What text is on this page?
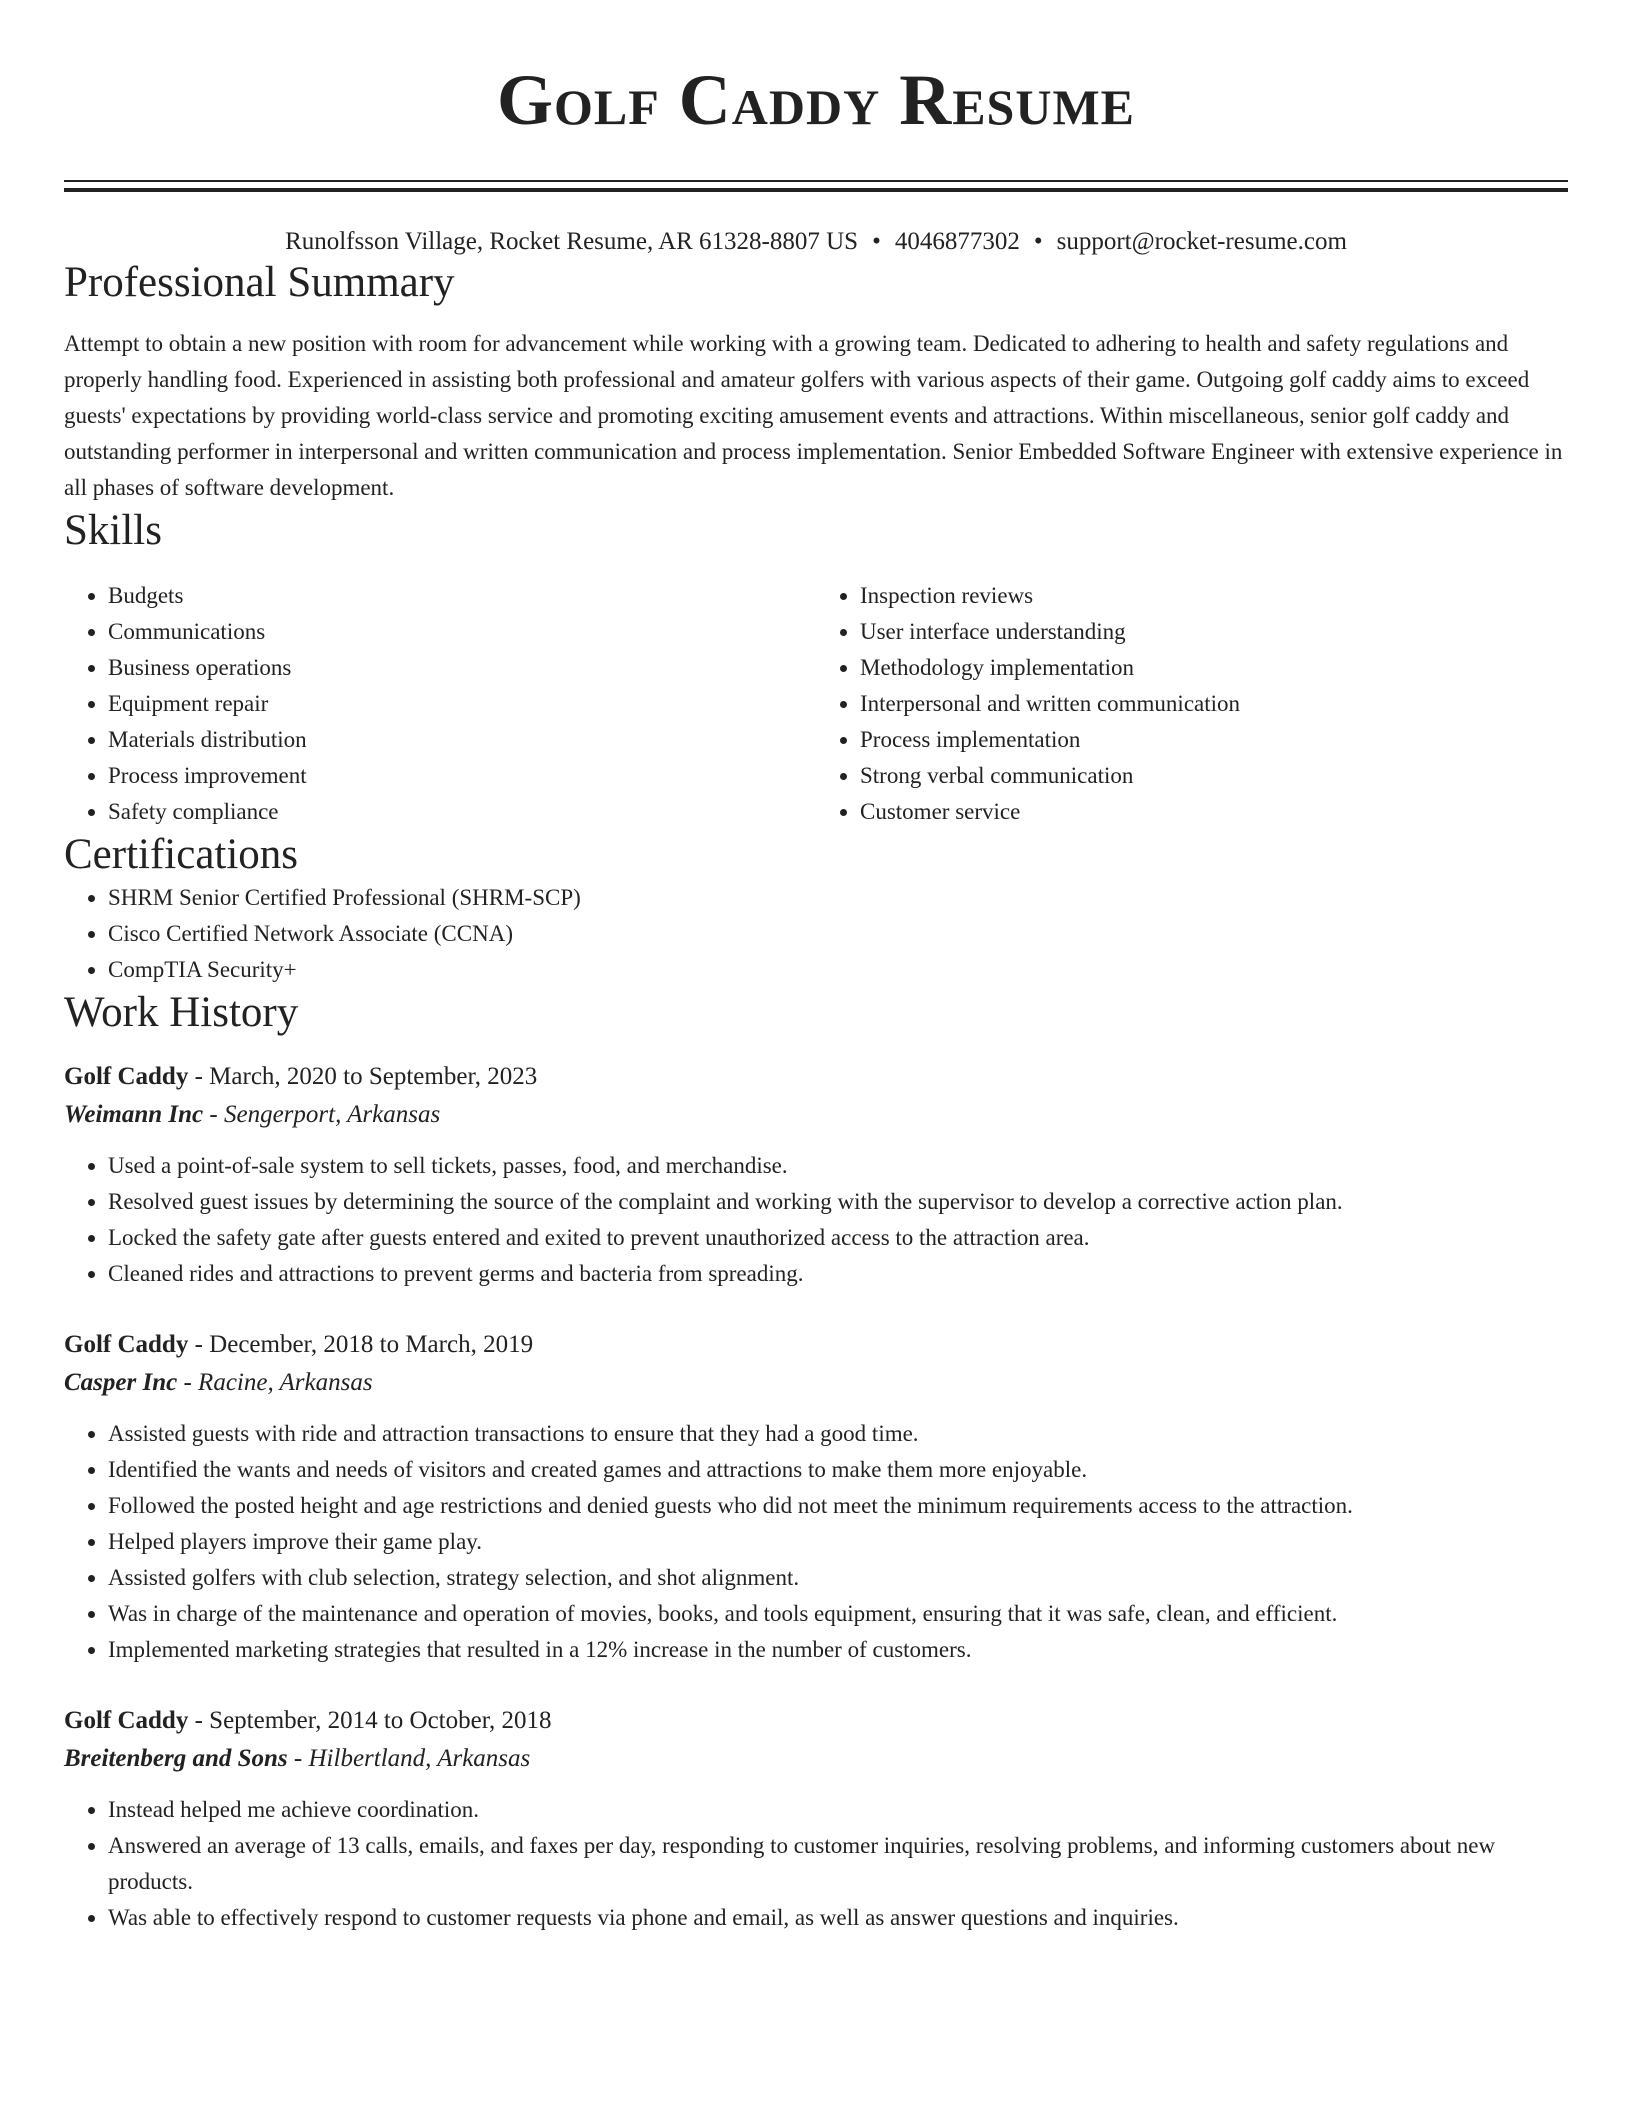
Golf Caddy Resume
Runolfsson Village, Rocket Resume, AR 61328-8807 US • 4046877302 • support@rocket-resume.com
Professional Summary

Attempt to obtain a new position with room for advancement while working with a growing team. Dedicated to adhering to health and safety regulations and properly handling food. Experienced in assisting both professional and amateur golfers with various aspects of their game. Outgoing golf caddy aims to exceed guests' expectations by providing world-class service and promoting exciting amusement events and attractions. Within miscellaneous, senior golf caddy and outstanding performer in interpersonal and written communication and process implementation. Senior Embedded Software Engineer with extensive experience in all phases of software development.

Skills
• Budgets
• Communications
• Business operations
• Equipment repair
• Materials distribution
• Process improvement
• Safety compliance
• Inspection reviews
• User interface understanding
• Methodology implementation
• Interpersonal and written communication
• Process implementation
• Strong verbal communication
• Customer service
Certifications
• SHRM Senior Certified Professional (SHRM-SCP)
• Cisco Certified Network Associate (CCNA)
• CompTIA Security+
Work History
Golf Caddy - March, 2020 to September, 2023
Weimann Inc - Sengerport, Arkansas
• Used a point-of-sale system to sell tickets, passes, food, and merchandise.
• Resolved guest issues by determining the source of the complaint and working with the supervisor to develop a corrective action plan.
• Locked the safety gate after guests entered and exited to prevent unauthorized access to the attraction area.
• Cleaned rides and attractions to prevent germs and bacteria from spreading.
Golf Caddy - December, 2018 to March, 2019
Casper Inc - Racine, Arkansas
• Assisted guests with ride and attraction transactions to ensure that they had a good time.
• Identified the wants and needs of visitors and created games and attractions to make them more enjoyable.
• Followed the posted height and age restrictions and denied guests who did not meet the minimum requirements access to the attraction.
• Helped players improve their game play.
• Assisted golfers with club selection, strategy selection, and shot alignment.
• Was in charge of the maintenance and operation of movies, books, and tools equipment, ensuring that it was safe, clean, and efficient.
• Implemented marketing strategies that resulted in a 12% increase in the number of customers.
Golf Caddy - September, 2014 to October, 2018
Breitenberg and Sons - Hilbertland, Arkansas
• Instead helped me achieve coordination.
• Answered an average of 13 calls, emails, and faxes per day, responding to customer inquiries, resolving problems, and informing customers about new products.
• Was able to effectively respond to customer requests via phone and email, as well as answer questions and inquiries.
